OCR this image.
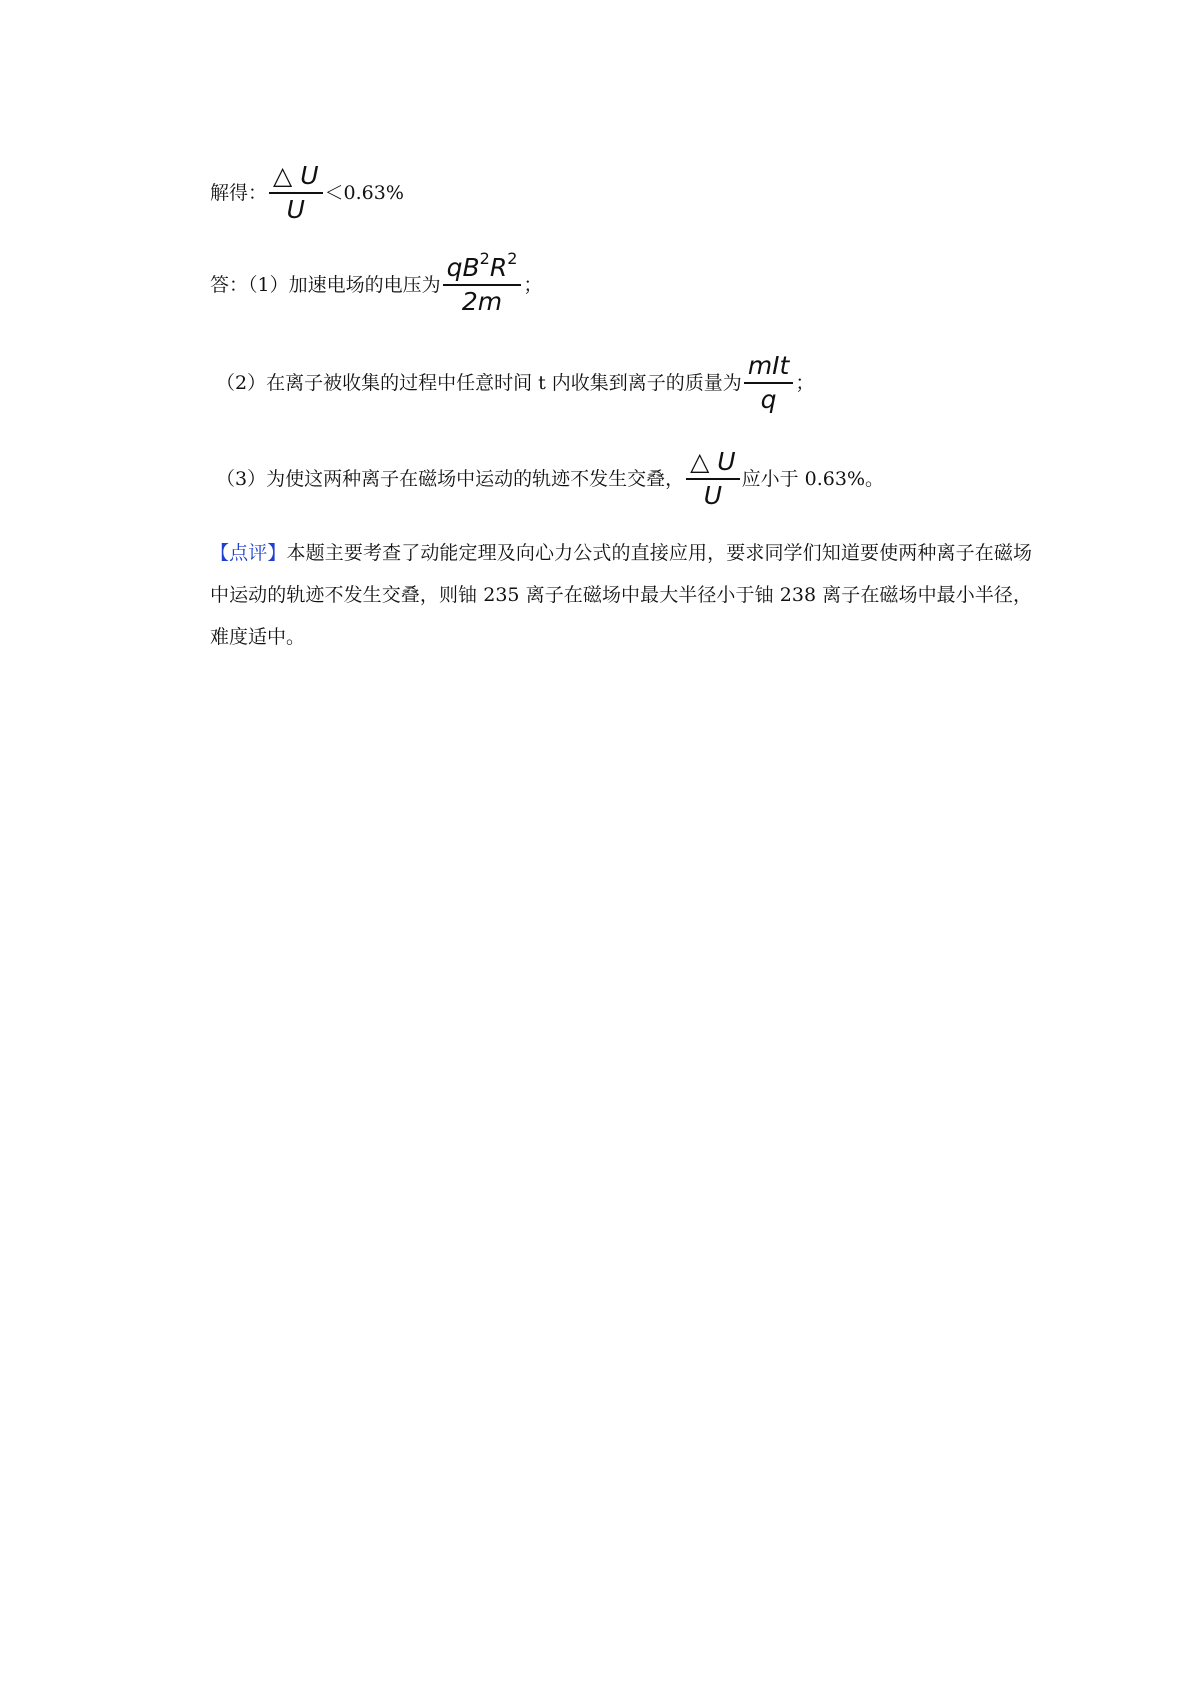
解得： $\frac{\triangle U}{U} <0.63\%$
答：（1）加速电场的电压为 $\frac{qB^2R^2}{2m}$ ；
（2）在离子被收集的过程中任意时间 t 内收集到离子的质量为 $\frac{\text{mIt}}{q}$ ；
（3）为使这两种离子在磁场中运动的轨迹不发生交叠， $\frac{\triangle U}{U}$ 应小于 0.63%。
【点评】本题主要考查了动能定理及向心力公式的直接应用，要求同学们知道要使两种离子在磁场中运动的轨迹不发生交叠，则铀 235 离子在磁场中最大半径小于铀 238 离子在磁场中最小半径，难度适中。
